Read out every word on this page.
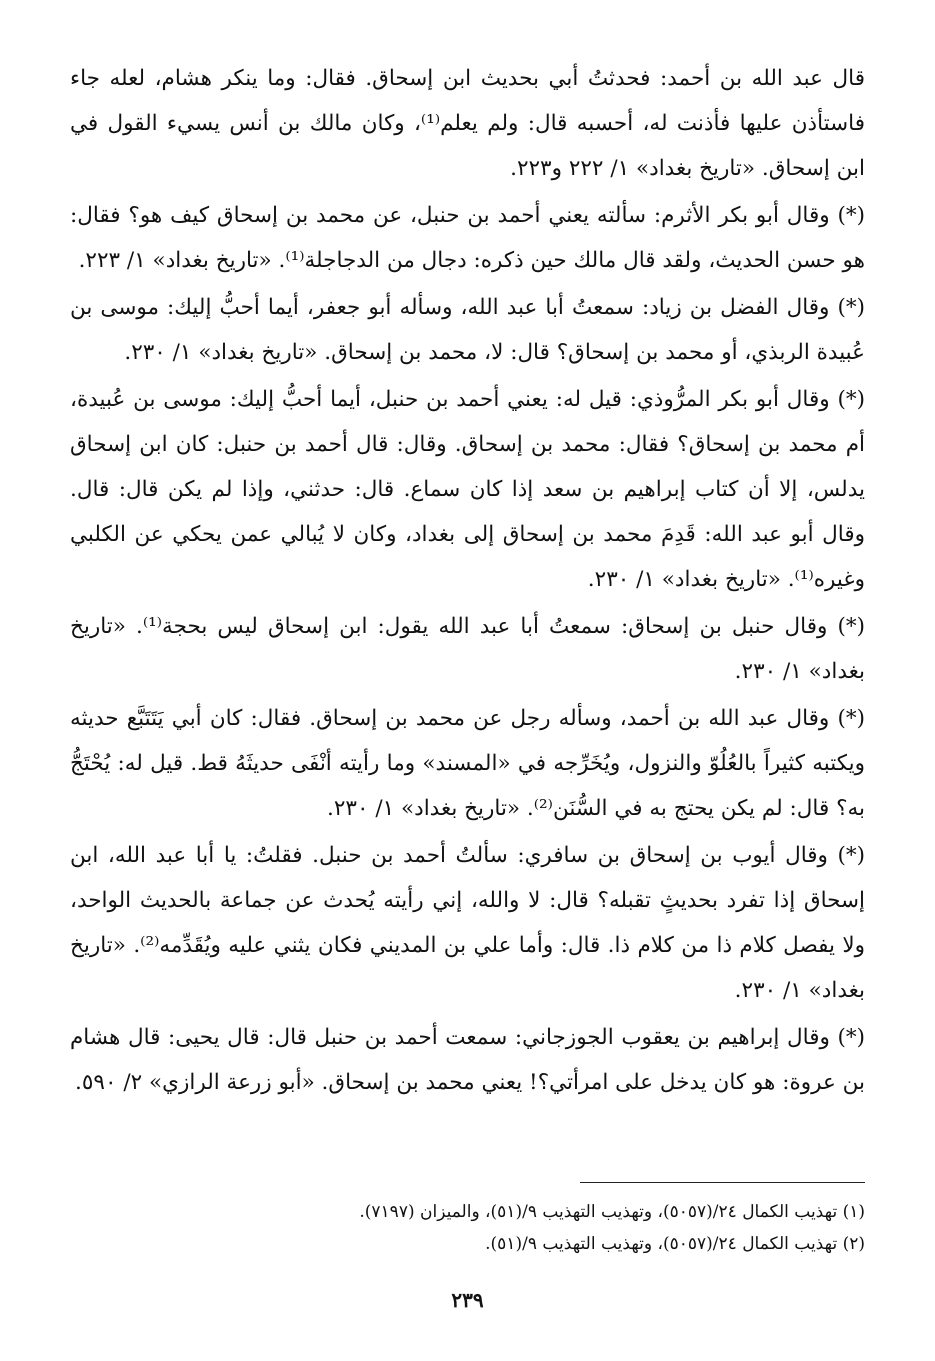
قال عبد الله بن أحمد: فحدثتُ أبي بحديث ابن إسحاق. فقال: وما ينكر هشام، لعله جاء فاستأذن عليها فأذنت له، أحسبه قال: ولم يعلم⁽¹⁾، وكان مالك بن أنس يسيء القول في ابن إسحاق. «تاريخ بغداد» ١/ ٢٢٢ و٢٢٣.

(*) وقال أبو بكر الأثرم: سألته يعني أحمد بن حنبل، عن محمد بن إسحاق كيف هو؟ فقال: هو حسن الحديث، ولقد قال مالك حين ذكره: دجال من الدجاجلة⁽¹⁾. «تاريخ بغداد» ١/ ٢٢٣.

(*) وقال الفضل بن زياد: سمعتُ أبا عبد الله، وسأله أبو جعفر، أيما أحبُّ إليك: موسى بن عُبيدة الربذي، أو محمد بن إسحاق؟ قال: لا، محمد بن إسحاق. «تاريخ بغداد» ١/ ٢٣٠.

(*) وقال أبو بكر المرُّوذي: قيل له: يعني أحمد بن حنبل، أيما أحبُّ إليك: موسى بن عُبيدة، أم محمد بن إسحاق؟ فقال: محمد بن إسحاق. وقال: قال أحمد بن حنبل: كان ابن إسحاق يدلس، إلا أن كتاب إبراهيم بن سعد إذا كان سماع. قال: حدثني، وإذا لم يكن قال: قال. وقال أبو عبد الله: قَدِمَ محمد بن إسحاق إلى بغداد، وكان لا يُبالي عمن يحكي عن الكلبي وغيره⁽¹⁾. «تاريخ بغداد» ١/ ٢٣٠.

(*) وقال حنبل بن إسحاق: سمعتُ أبا عبد الله يقول: ابن إسحاق ليس بحجة⁽¹⁾. «تاريخ بغداد» ١/ ٢٣٠.

(*) وقال عبد الله بن أحمد، وسأله رجل عن محمد بن إسحاق. فقال: كان أبي يَتَتَبَّع حديثه ويكتبه كثيراً بالعُلُوّ والنزول، ويُخَرِّجه في «المسند» وما رأيته أنْفَى حديثَهُ قط. قيل له: يُحْتَجُّ به؟ قال: لم يكن يحتج به في السُّنَن⁽²⁾. «تاريخ بغداد» ١/ ٢٣٠.

(*) وقال أيوب بن إسحاق بن سافري: سألتُ أحمد بن حنبل. فقلتُ: يا أبا عبد الله، ابن إسحاق إذا تفرد بحديثٍ تقبله؟ قال: لا والله، إني رأيته يُحدث عن جماعة بالحديث الواحد، ولا يفصل كلام ذا من كلام ذا. قال: وأما علي بن المديني فكان يثني عليه ويُقَدِّمه⁽²⁾. «تاريخ بغداد» ١/ ٢٣٠.

(*) وقال إبراهيم بن يعقوب الجوزجاني: سمعت أحمد بن حنبل قال: قال يحيى: قال هشام بن عروة: هو كان يدخل على امرأتي؟! يعني محمد بن إسحاق. «أبو زرعة الرازي» ٢/ ٥٩٠.

(١) تهذيب الكمال ٢٤/(٥٠٥٧)، وتهذيب التهذيب ٩/(٥١)، والميزان (٧١٩٧).

(٢) تهذيب الكمال ٢٤/(٥٠٥٧)، وتهذيب التهذيب ٩/(٥١).

٢٣٩
